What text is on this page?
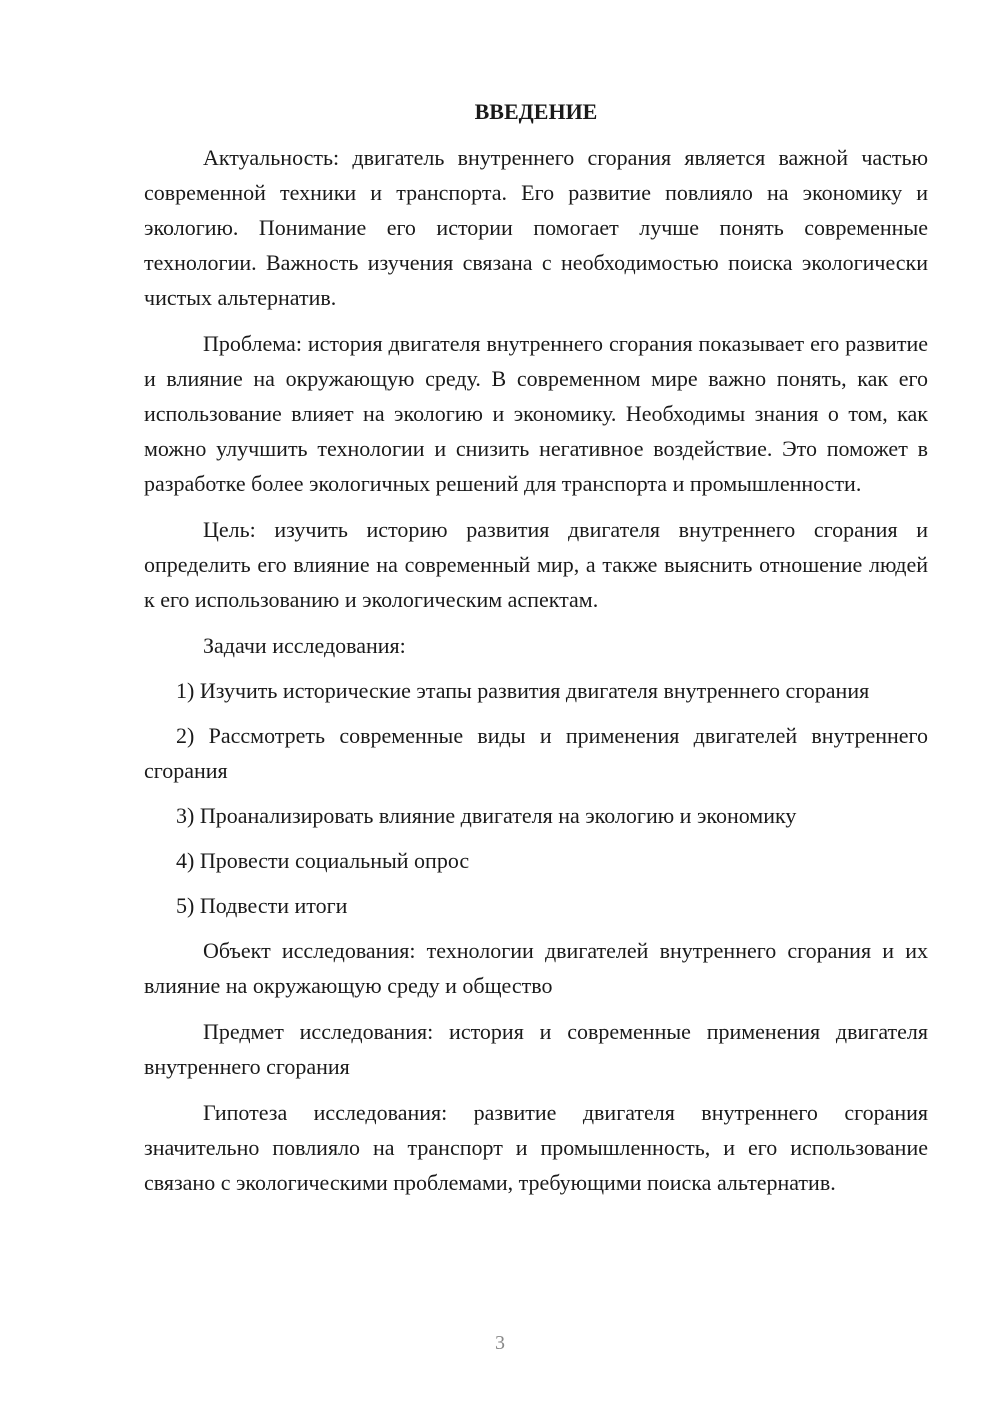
ВВЕДЕНИЕ

Актуальность: двигатель внутреннего сгорания является важной частью современной техники и транспорта. Его развитие повлияло на экономику и экологию. Понимание его истории помогает лучше понять современные технологии. Важность изучения связана с необходимостью поиска экологически чистых альтернатив.

Проблема: история двигателя внутреннего сгорания показывает его развитие и влияние на окружающую среду. В современном мире важно понять, как его использование влияет на экологию и экономику. Необходимы знания о том, как можно улучшить технологии и снизить негативное воздействие. Это поможет в разработке более экологичных решений для транспорта и промышленности.

Цель: изучить историю развития двигателя внутреннего сгорания и определить его влияние на современный мир, а также выяснить отношение людей к его использованию и экологическим аспектам.

Задачи исследования:

1) Изучить исторические этапы развития двигателя внутреннего сгорания

2) Рассмотреть современные виды и применения двигателей внутреннего сгорания

3) Проанализировать влияние двигателя на экологию и экономику

4) Провести социальный опрос

5) Подвести итоги

Объект исследования: технологии двигателей внутреннего сгорания и их влияние на окружающую среду и общество

Предмет исследования: история и современные применения двигателя внутреннего сгорания

Гипотеза исследования: развитие двигателя внутреннего сгорания значительно повлияло на транспорт и промышленность, и его использование связано с экологическими проблемами, требующими поиска альтернатив.

3
